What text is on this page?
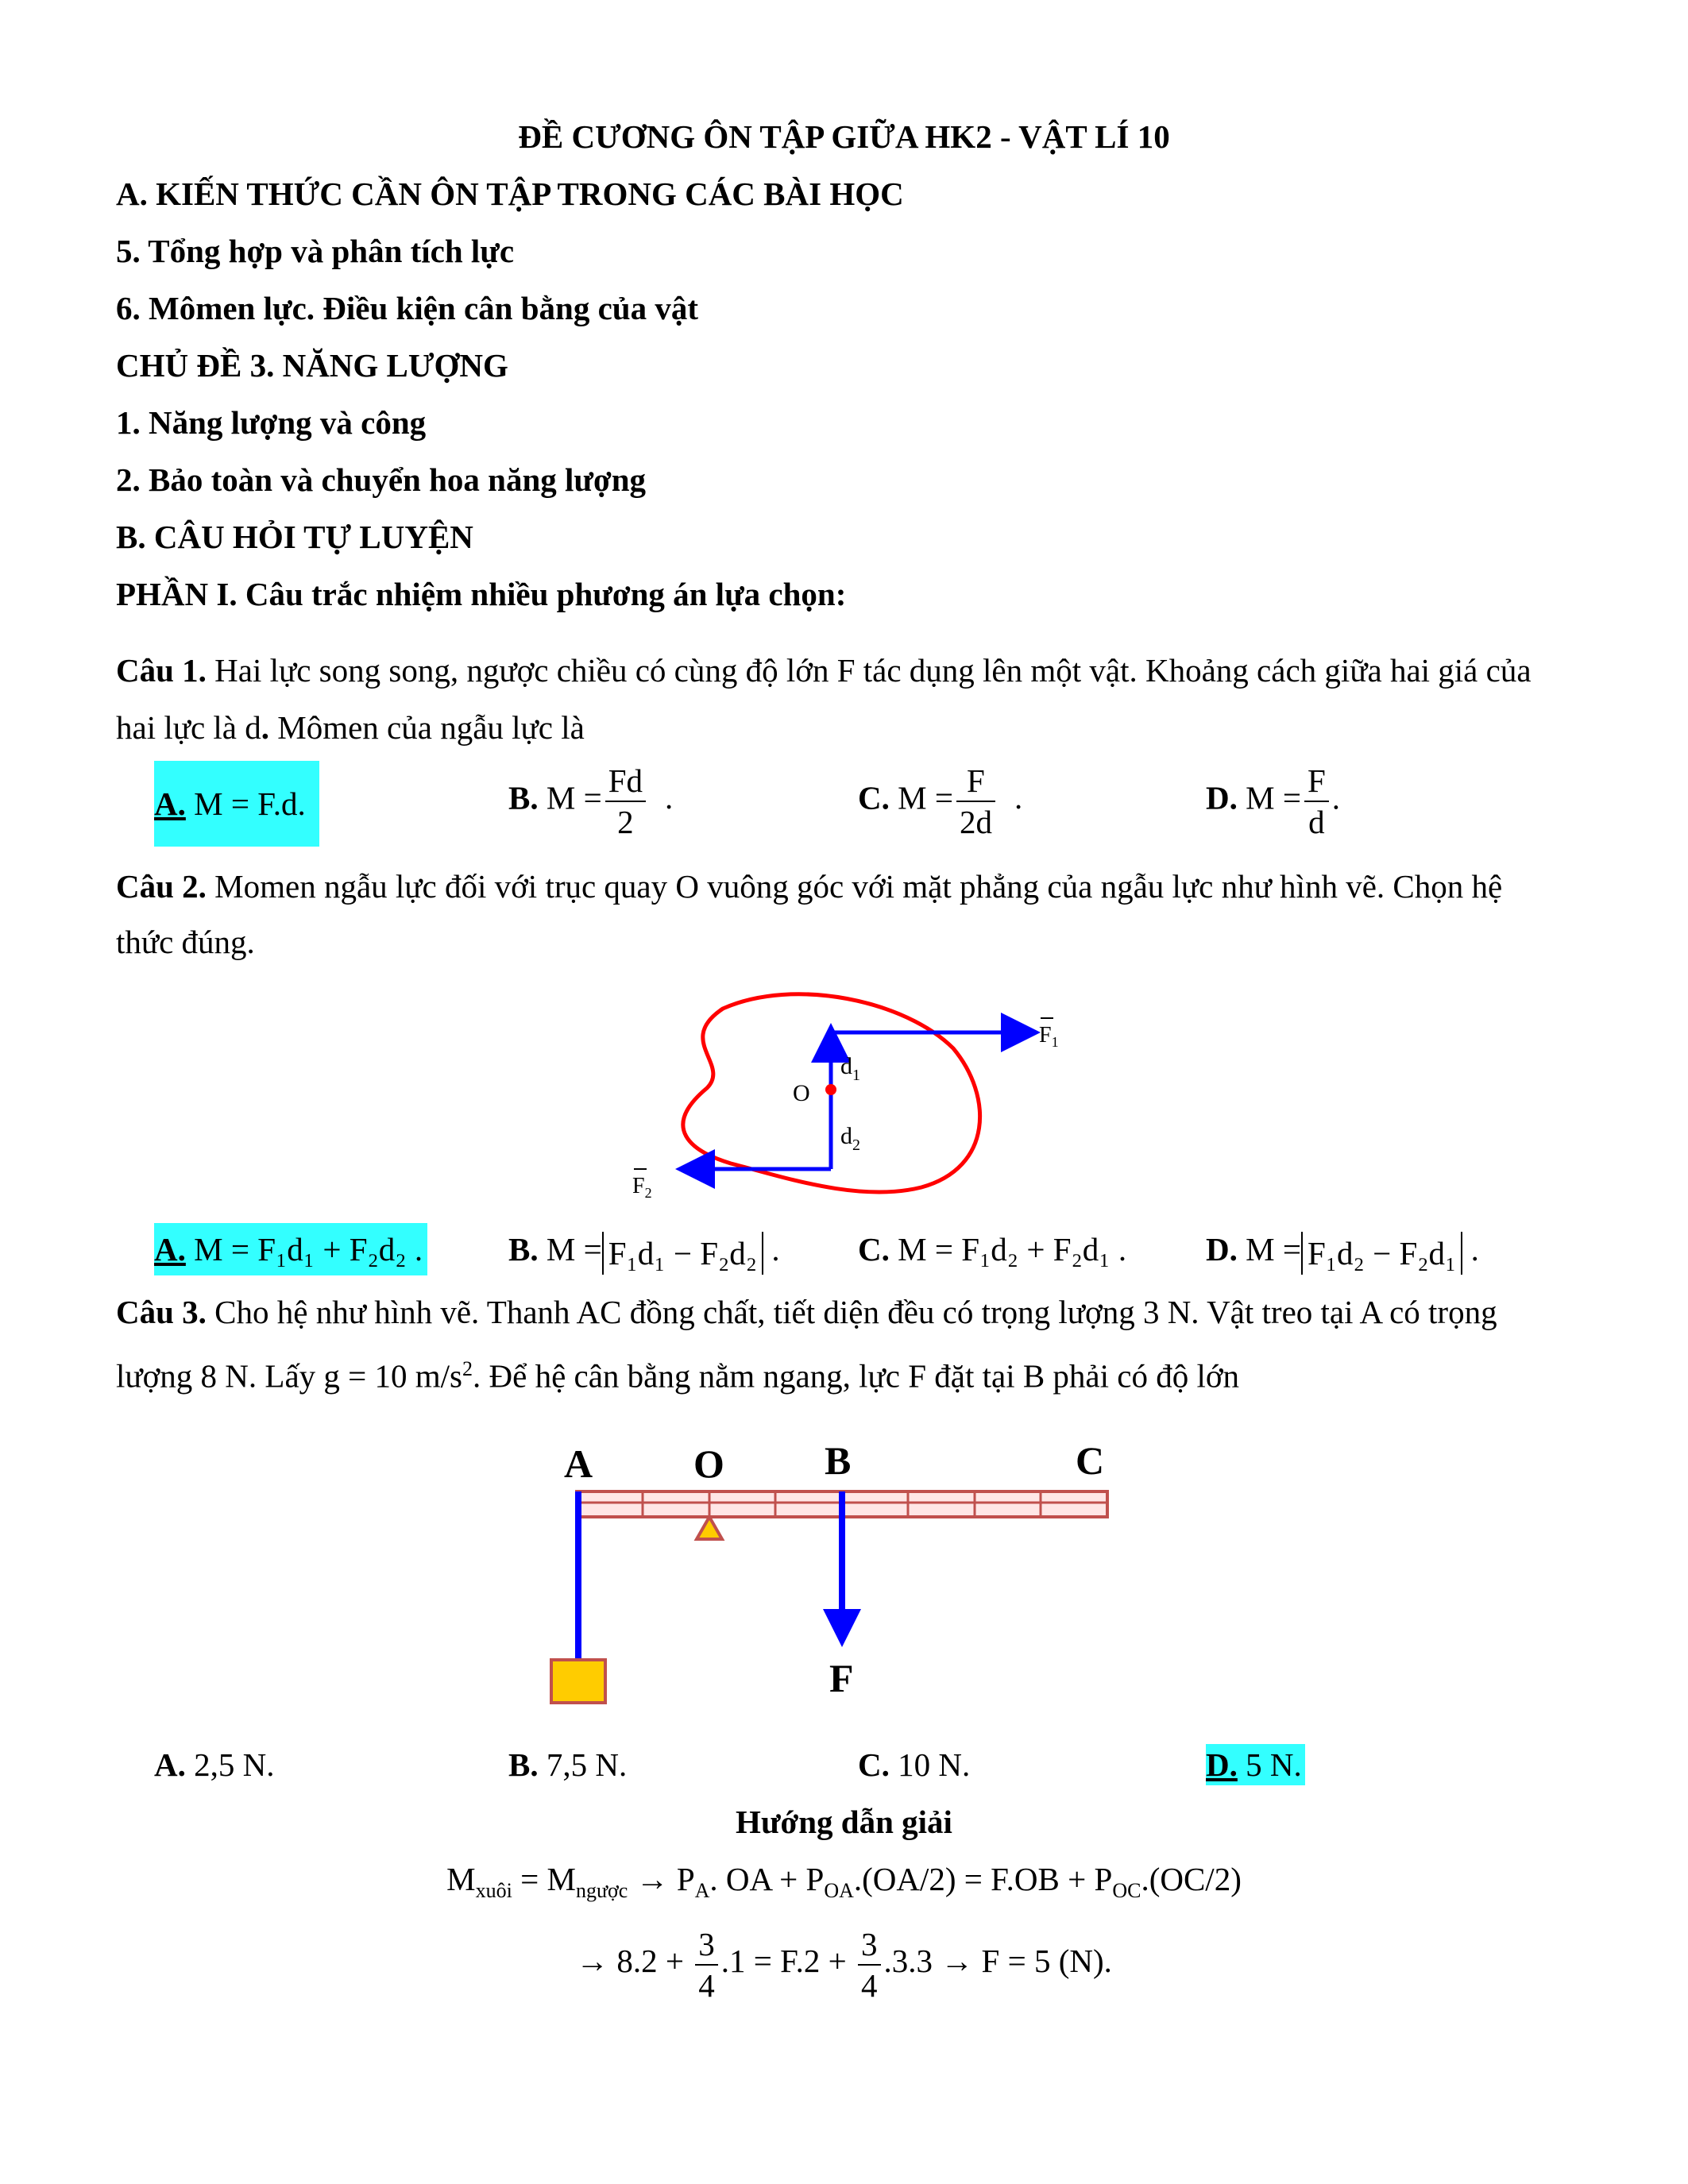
ĐỀ CƯƠNG ÔN TẬP GIỮA HK2 - VẬT LÍ 10
A. KIẾN THỨC CẦN ÔN TẬP TRONG CÁC BÀI HỌC
5. Tổng hợp và phân tích lực
6. Mômen lực. Điều kiện cân bằng của vật
CHỦ ĐỀ 3. NĂNG LƯỢNG
1. Năng lượng và công
2. Bảo toàn và chuyển hoa năng lượng
B. CÂU HỎI TỰ LUYỆN
PHẦN I. Câu trắc nhiệm nhiều phương án lựa chọn:
Câu 1. Hai lực song song, ngược chiều có cùng độ lớn F tác dụng lên một vật. Khoảng cách giữa hai giá của
hai lực là d. Mômen của ngẫu lực là
A. M = F.d.	B. $M = \frac{Fd}{2}$ .	C. $M = \frac{F}{2d}$ .	D. $M = \frac{F}{d}$ .
Câu 2. Momen ngẫu lực đối với trục quay O vuông góc với mặt phẳng của ngẫu lực như hình vẽ. Chọn hệ
thức đúng.
O
$d_1$
$d_2$
$F_1$
$F_2$
A. M = F₁d₁ + F₂d₂ .	B. M = F₁d₁ − F₂d₂ . C. M = F₁d₂ + F₂d₁ . D. M = F₁d₂ − F₂d₁ .
Câu 3. Cho hệ như hình vẽ. Thanh AC đồng chất, tiết diện đều có trọng lượng 3 N. Vật treo tại A có trọng
lượng 8 N. Lấy g = 10 $m/s^2$. Để hệ cân bằng nằm ngang, lực F đặt tại B phải có độ lớn
A	O	B	C
F
A. 2,5 N.	B. 7,5 N.	C. 10 N.	D. 5 N.
Hướng dẫn giải
$M_{xuôi} = M_{ngược} \to P_A$. OA + $P_{OA}.(OA/2) = F.OB + P_{OC}.(OC/2)$
→ $8.2 + \frac{3}{4} .1 = F.2 + \frac{3}{4} .3.3 \to F = 5$ (N).
